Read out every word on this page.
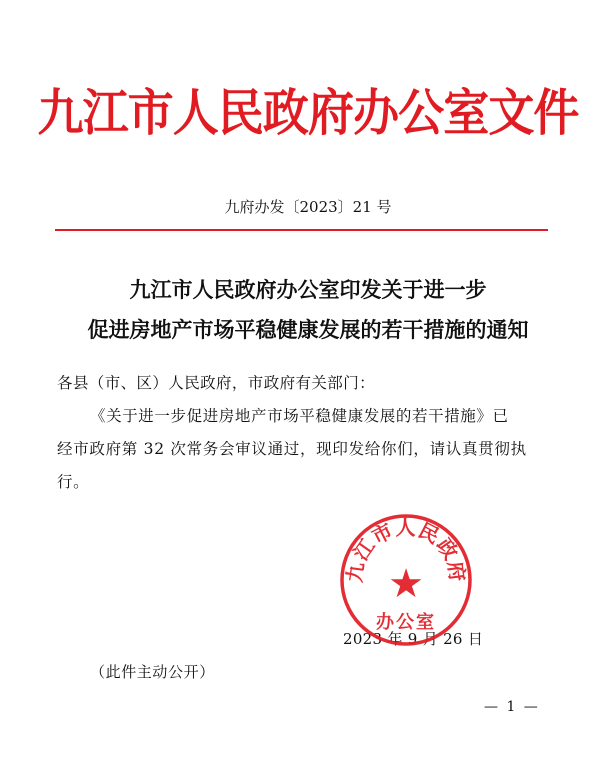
九江市人民政府办公室文件
九府办发〔2023〕21 号
九江市人民政府办公室印发关于进一步
促进房地产市场平稳健康发展的若干措施的通知
各县（市、区）人民政府，市政府有关部门：
《关于进一步促进房地产市场平稳健康发展的若干措施》已
经市政府第 32 次常务会审议通过，现印发给你们，请认真贯彻执
行。
2023 年 9 月 26 日
九江市人民政府
★
办公室
（此件主动公开）
— 1 —
